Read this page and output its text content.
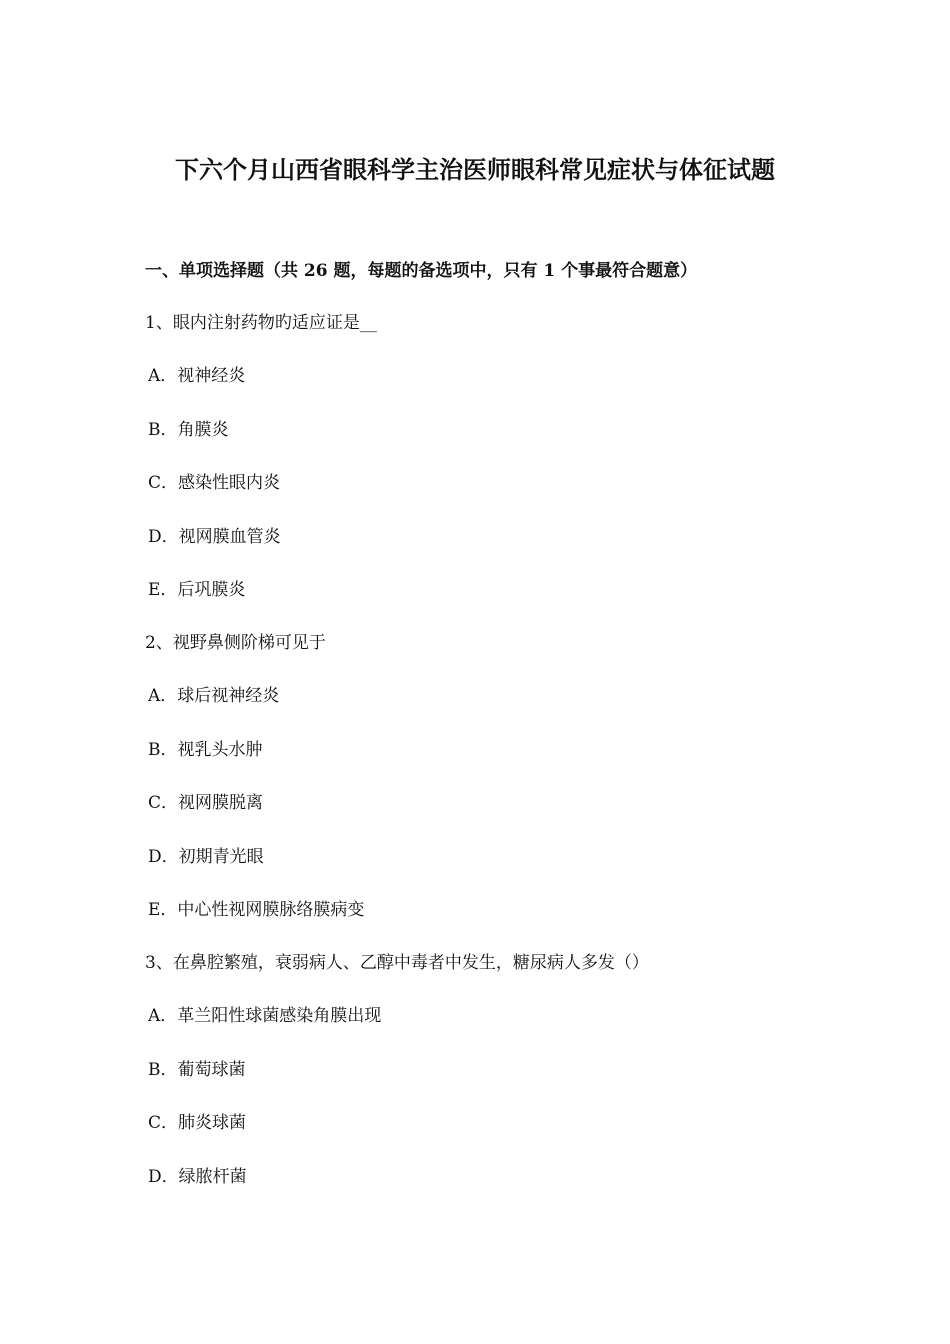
下六个月山西省眼科学主治医师眼科常见症状与体征试题
一、单项选择题（共 26 题，每题的备选项中，只有 1 个事最符合题意）
1、眼内注射药物旳适应证是__
A．视神经炎
B．角膜炎
C．感染性眼内炎
D．视网膜血管炎
E．后巩膜炎
2、视野鼻侧阶梯可见于
A．球后视神经炎
B．视乳头水肿
C．视网膜脱离
D．初期青光眼
E．中心性视网膜脉络膜病变
3、在鼻腔繁殖，衰弱病人、乙醇中毒者中发生，糖尿病人多发（）
A．革兰阳性球菌感染角膜出现
B．葡萄球菌
C．肺炎球菌
D．绿脓杆菌
